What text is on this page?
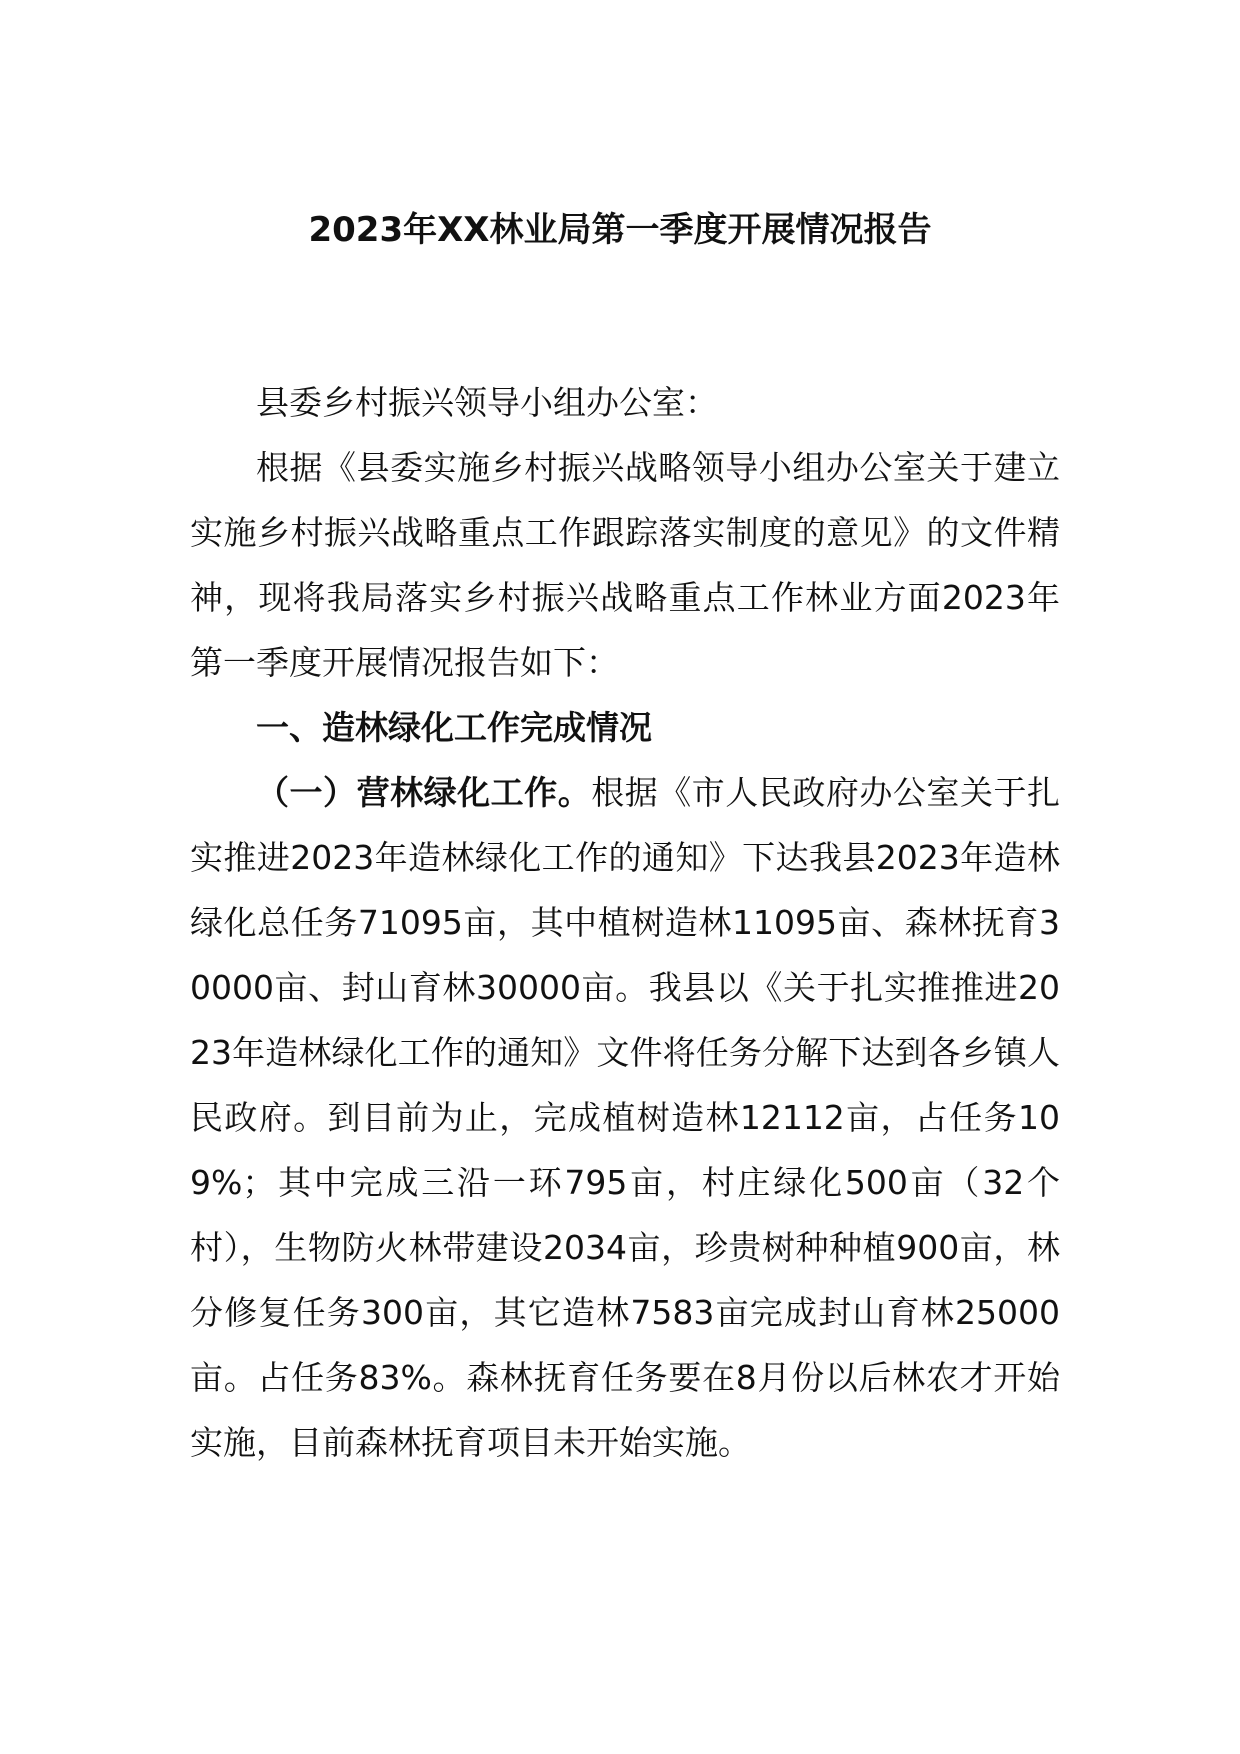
2023年XX林业局第一季度开展情况报告

县委乡村振兴领导小组办公室：

根据《县委实施乡村振兴战略领导小组办公室关于建立实施乡村振兴战略重点工作跟踪落实制度的意见》的文件精神，现将我局落实乡村振兴战略重点工作林业方面2023年第一季度开展情况报告如下：

一、造林绿化工作完成情况

（一）营林绿化工作。根据《市人民政府办公室关于扎实推进2023年造林绿化工作的通知》下达我县2023年造林绿化总任务71095亩，其中植树造林11095亩、森林抚育30000亩、封山育林30000亩。我县以《关于扎实推推进2023年造林绿化工作的通知》文件将任务分解下达到各乡镇人民政府。到目前为止，完成植树造林12112亩，占任务109%；其中完成三沿一环795亩，村庄绿化500亩（32个村），生物防火林带建设2034亩，珍贵树种种植900亩，林分修复任务300亩，其它造林7583亩完成封山育林25000亩。占任务83%。森林抚育任务要在8月份以后林农才开始实施，目前森林抚育项目未开始实施。
